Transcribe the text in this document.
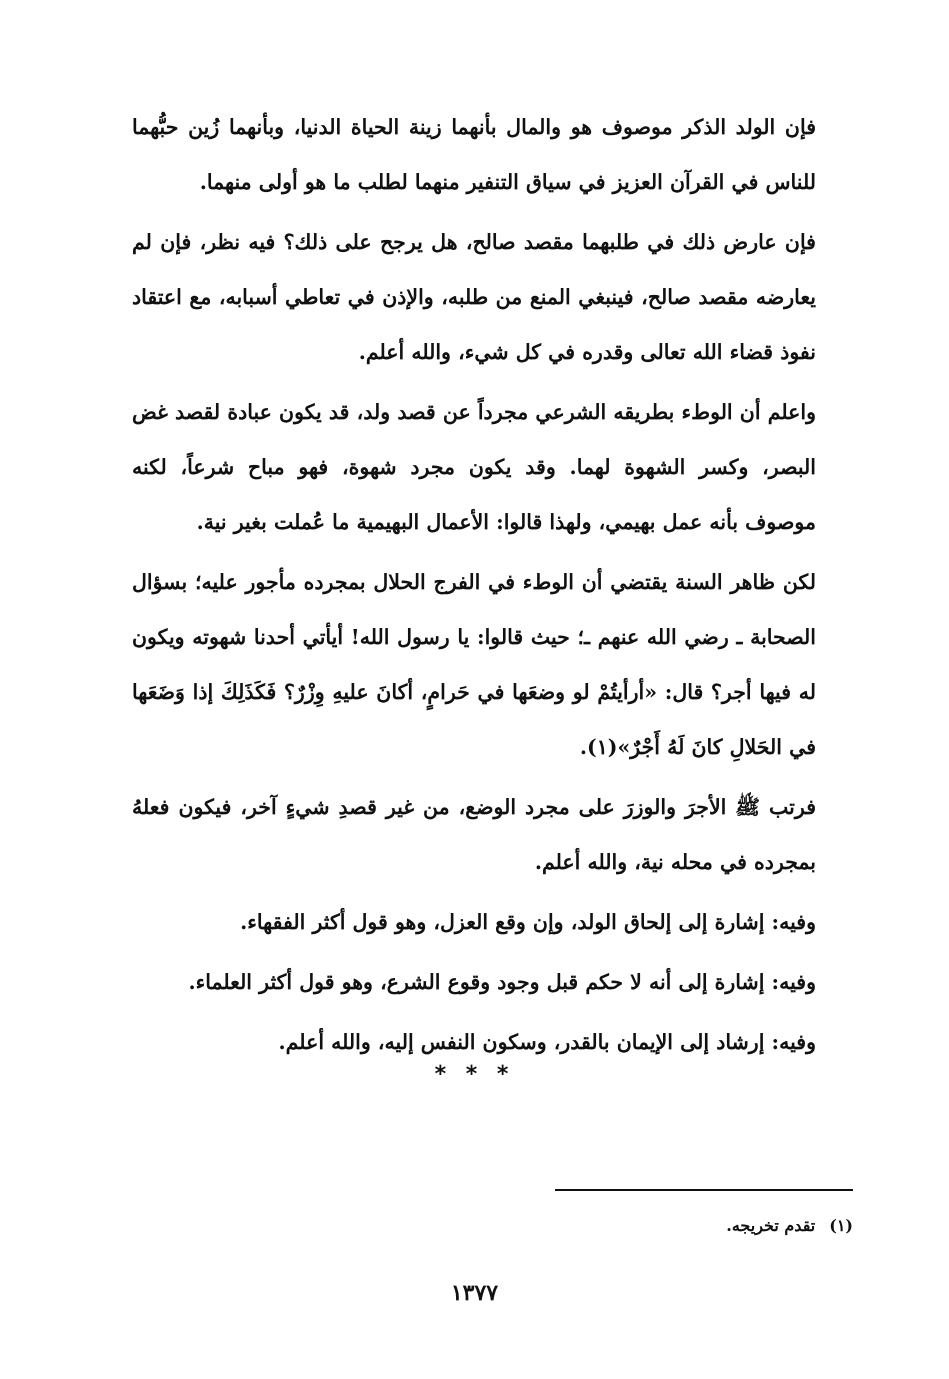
فإن الولد الذكر موصوف هو والمال بأنهما زينة الحياة الدنيا، وبأنهما زُين حبُّهما للناس في القرآن العزيز في سياق التنفير منهما لطلب ما هو أولى منهما.

فإن عارض ذلك في طلبهما مقصد صالح، هل يرجح على ذلك؟ فيه نظر، فإن لم يعارضه مقصد صالح، فينبغي المنع من طلبه، والإذن في تعاطي أسبابه، مع اعتقاد نفوذ قضاء الله تعالى وقدره في كل شيء، والله أعلم.

واعلم أن الوطء بطريقه الشرعي مجرداً عن قصد ولد، قد يكون عبادة لقصد غض البصر، وكسر الشهوة لهما. وقد يكون مجرد شهوة، فهو مباح شرعاً، لكنه موصوف بأنه عمل بهيمي، ولهذا قالوا: الأعمال البهيمية ما عُملت بغير نية.

لكن ظاهر السنة يقتضي أن الوطء في الفرج الحلال بمجرده مأجور عليه؛ بسؤال الصحابة ـ رضي الله عنهم ـ؛ حيث قالوا: يا رسول الله! أيأتي أحدنا شهوته ويكون له فيها أجر؟ قال: «أرأيتُمْ لو وضعَها في حَرامٍ، أكانَ عليهِ وِزْرٌ؟ فَكَذَلِكَ إذا وَضَعَها في الحَلالِ كانَ لَهُ أَجْرٌ»(١).

فرتب ﷺ الأجرَ والوزرَ على مجرد الوضع، من غير قصدِ شيءٍ آخر، فيكون فعلهُ بمجرده في محله نية، والله أعلم.

وفيه: إشارة إلى إلحاق الولد، وإن وقع العزل، وهو قول أكثر الفقهاء.

وفيه: إشارة إلى أنه لا حكم قبل وجود وقوع الشرع، وهو قول أكثر العلماء.

وفيه: إرشاد إلى الإيمان بالقدر، وسكون النفس إليه، والله أعلم.

* * *
(١)تقدم تخريجه.
١٣٧٧
